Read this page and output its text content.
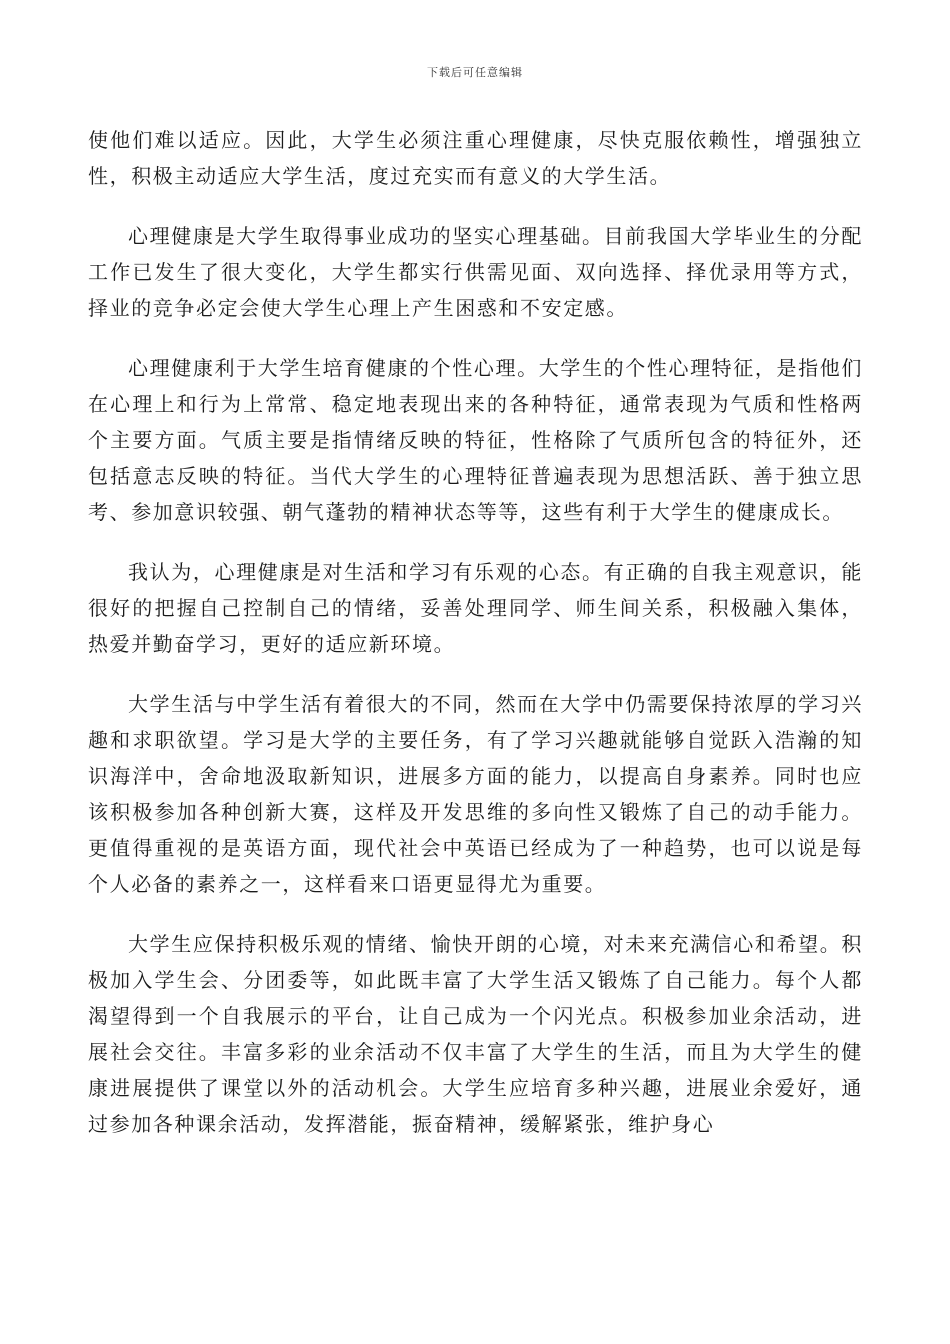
下载后可任意编辑

使他们难以适应。因此，大学生必须注重心理健康，尽快克服依赖性，增强独立性，积极主动适应大学生活，度过充实而有意义的大学生活。

心理健康是大学生取得事业成功的坚实心理基础。目前我国大学毕业生的分配工作已发生了很大变化，大学生都实行供需见面、双向选择、择优录用等方式，择业的竞争必定会使大学生心理上产生困惑和不安定感。

心理健康利于大学生培育健康的个性心理。大学生的个性心理特征，是指他们在心理上和行为上常常、稳定地表现出来的各种特征，通常表现为气质和性格两个主要方面。气质主要是指情绪反映的特征，性格除了气质所包含的特征外，还包括意志反映的特征。当代大学生的心理特征普遍表现为思想活跃、善于独立思考、参加意识较强、朝气蓬勃的精神状态等等，这些有利于大学生的健康成长。

我认为，心理健康是对生活和学习有乐观的心态。有正确的自我主观意识，能很好的把握自己控制自己的情绪，妥善处理同学、师生间关系，积极融入集体，热爱并勤奋学习，更好的适应新环境。

大学生活与中学生活有着很大的不同，然而在大学中仍需要保持浓厚的学习兴趣和求职欲望。学习是大学的主要任务，有了学习兴趣就能够自觉跃入浩瀚的知识海洋中，舍命地汲取新知识，进展多方面的能力，以提高自身素养。同时也应该积极参加各种创新大赛，这样及开发思维的多向性又锻炼了自己的动手能力。更值得重视的是英语方面，现代社会中英语已经成为了一种趋势，也可以说是每个人必备的素养之一，这样看来口语更显得尤为重要。

大学生应保持积极乐观的情绪、愉快开朗的心境，对未来充满信心和希望。积极加入学生会、分团委等，如此既丰富了大学生活又锻炼了自己能力。每个人都渴望得到一个自我展示的平台，让自己成为一个闪光点。积极参加业余活动，进展社会交往。丰富多彩的业余活动不仅丰富了大学生的生活，而且为大学生的健康进展提供了课堂以外的活动机会。大学生应培育多种兴趣，进展业余爱好，通过参加各种课余活动，发挥潜能，振奋精神，缓解紧张，维护身心
